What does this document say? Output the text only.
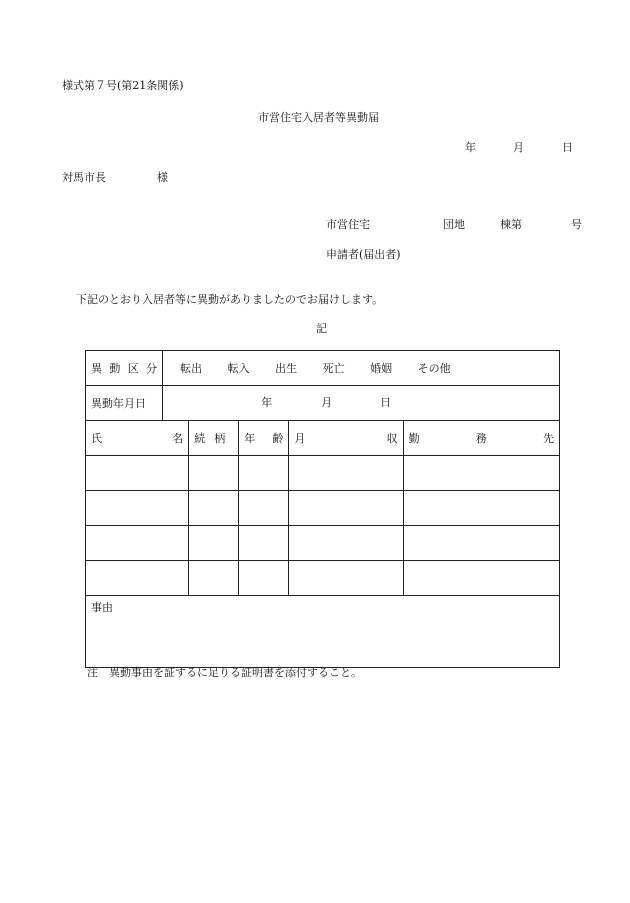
様式第７号(第21条関係)
市営住宅入居者等異動届
年	月	日
対馬市長	様
市営住宅	団地	棟第	号
申請者(届出者)
下記のとおり入居者等に異動がありましたのでお届けします。
記
異 動 区 分	転出 転入 出生 死亡 婚姻 その他				
異動年月日	年 月 日				

氏 名		続 柄	年 齢	月 収	勤 務 先

事由					
注　異動事由を証するに足りる証明書を添付すること。
